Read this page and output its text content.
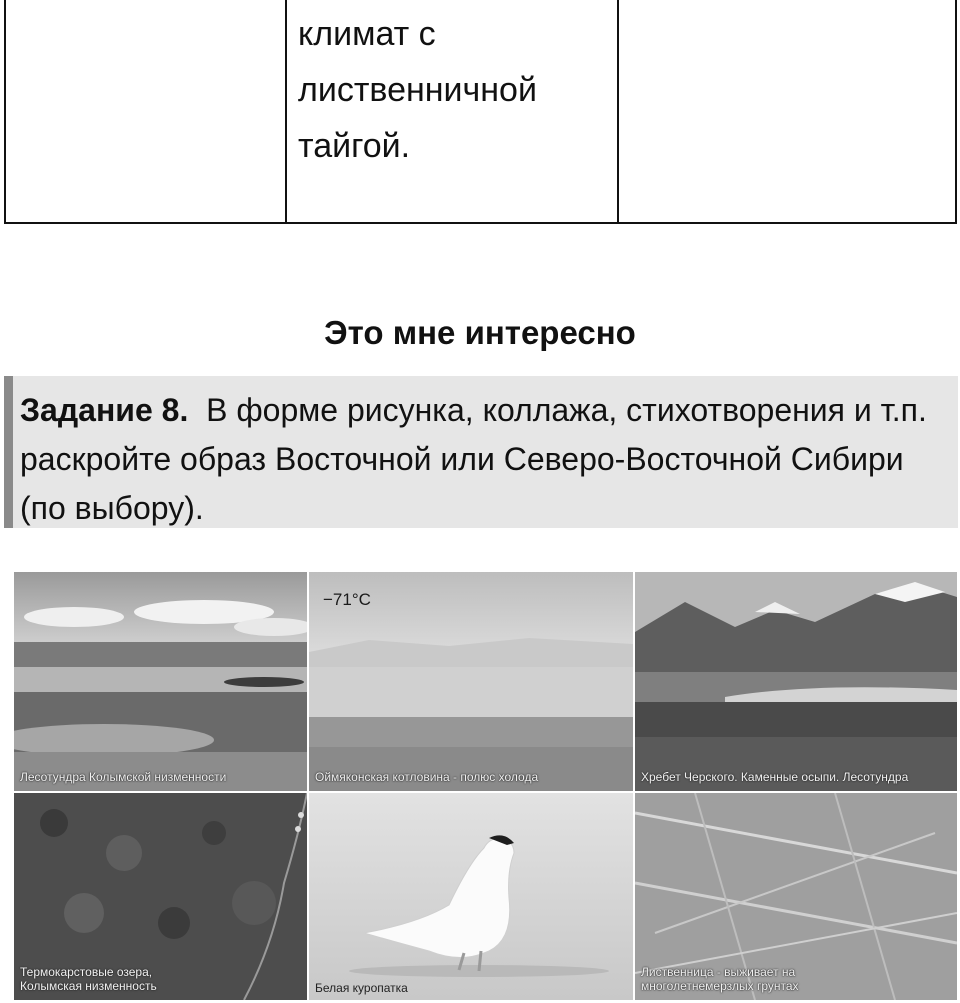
климат с
лиственничной
тайгой.
Это мне интересно
Задание 8. В форме рисунка, коллажа, стихотворения и т.п. раскройте образ Восточной или Северо-Восточной Сибири (по выбору).
Лесотундра Колымской низменности
−71°С
Оймяконская котловина - полюс холода	Хребет Черского. Каменные осыпи. Лесотундра
Термокарстовые озера,
Колымская низменность	Белая куропатка
Лиственница - выживает на
многолетнемерзлых грунтах
